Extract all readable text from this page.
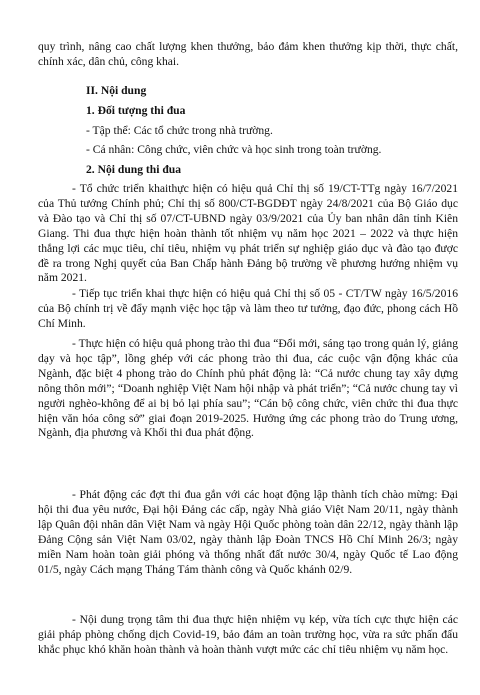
quy trình, nâng cao chất lượng khen thưởng, bảo đảm khen thưởng kịp thời, thực chất, chính xác, dân chủ, công khai.

II. Nội dung

1. Đối tượng thi đua

- Tập thể: Các tổ chức trong nhà trường.

- Cá nhân: Công chức, viên chức và học sinh trong toàn trường.

2. Nội dung thi đua

- Tổ chức triển khaithực hiện có hiệu quả Chỉ thị số 19/CT-TTg ngày 16/7/2021 của Thủ tướng Chính phủ; Chỉ thị số 800/CT-BGDĐT ngày 24/8/2021 của Bộ Giáo dục và Đào tạo và Chỉ thị số 07/CT-UBND ngày 03/9/2021 của Ủy ban nhân dân tỉnh Kiên Giang. Thi đua thực hiện hoàn thành tốt nhiệm vụ năm học 2021 – 2022 và thực hiện thắng lợi các mục tiêu, chỉ tiêu, nhiệm vụ phát triển sự nghiệp giáo dục và đào tạo được đề ra trong Nghị quyết của Ban Chấp hành Đảng bộ trường về phương hướng nhiệm vụ năm 2021.

- Tiếp tục triển khai thực hiện có hiệu quả Chỉ thị số 05 - CT/TW ngày 16/5/2016 của Bộ chính trị về đẩy mạnh việc học tập và làm theo tư tưởng, đạo đức, phong cách Hồ Chí Minh.

- Thực hiện có hiệu quả phong trào thi đua “Đổi mới, sáng tạo trong quản lý, giảng dạy và học tập”, lồng ghép với các phong trào thi đua, các cuộc vận động khác của Ngành, đặc biệt 4 phong trào do Chính phủ phát động là: “Cả nước chung tay xây dựng nông thôn mới”; “Doanh nghiệp Việt Nam hội nhập và phát triển”; “Cả nước chung tay vì người nghèo-không để ai bị bỏ lại phía sau”; “Cán bộ công chức, viên chức thi đua thực hiện văn hóa công sở” giai đoạn 2019-2025. Hưởng ứng các phong trào do Trung ương, Ngành, địa phương và Khối thi đua phát động.

- Phát động các đợt thi đua gắn với các hoạt động lập thành tích chào mừng: Đại hội thi đua yêu nước, Đại hội Đảng các cấp, ngày Nhà giáo Việt Nam 20/11, ngày thành lập Quân đội nhân dân Việt Nam và ngày Hội Quốc phòng toàn dân 22/12, ngày thành lập Đảng Cộng sản Việt Nam 03/02, ngày thành lập Đoàn TNCS Hồ Chí Minh 26/3; ngày miền Nam hoàn toàn giải phóng và thống nhất đất nước 30/4, ngày Quốc tế Lao động 01/5, ngày Cách mạng Tháng Tám thành công và Quốc khánh 02/9.

- Nội dung trọng tâm thi đua thực hiện nhiệm vụ kép, vừa tích cực thực hiện các giải pháp phòng chống dịch Covid-19, bảo đảm an toàn trường học, vừa ra sức phấn đấu khắc phục khó khăn hoàn thành và hoàn thành vượt mức các chỉ tiêu nhiệm vụ năm học.
